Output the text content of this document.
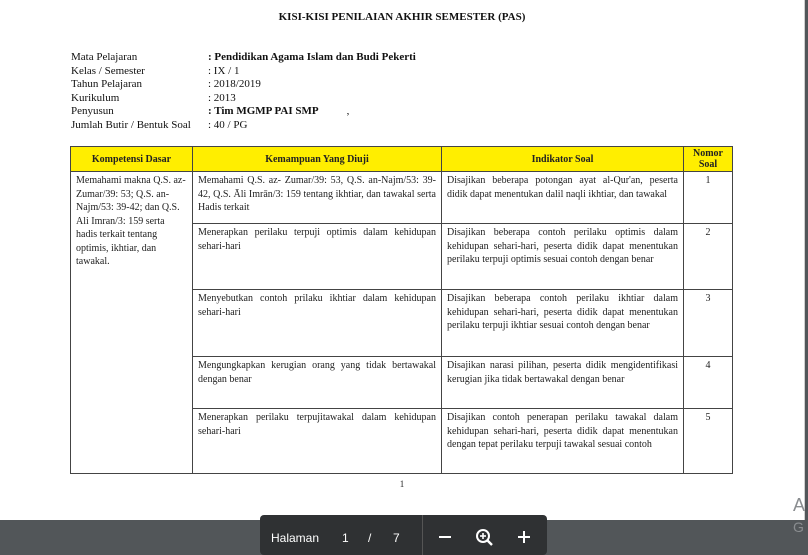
KISI-KISI PENILAIAN AKHIR SEMESTER (PAS)
Mata Pelajaran	: Pendidikan Agama Islam dan Budi Pekerti
Kelas / Semester	: IX / 1
Tahun Pelajaran	: 2018/2019
Kurikulum	: 2013
Penyusun	: Tim MGMP PAI SMP	,
Jumlah Butir / Bentuk Soal	: 40 / PG
Kompetensi Dasar	Kemampuan Yang Diuji	Indikator Soal	Nomor Soal
Memahami makna Q.S. az-Zumar/39: 53; Q.S. an-Najm/53: 39-42; dan Q.S. Ali Imran/3: 159 serta hadis terkait tentang optimis, ikhtiar, dan tawakal.	Memahami Q.S. az- Zumar/39: 53, Q.S. an-Najm/53: 39-42, Q.S. Āli Imrān/3: 159 tentang ikhtiar, dan tawakal serta Hadis terkait	Disajikan beberapa potongan ayat al-Qur'an, peserta didik dapat menentukan dalil naqli ikhtiar, dan tawakal	1
	Menerapkan perilaku terpuji optimis dalam kehidupan sehari-hari	Disajikan beberapa contoh perilaku optimis dalam kehidupan sehari-hari, peserta didik dapat menentukan perilaku terpuji optimis sesuai contoh dengan benar	2
	Menyebutkan contoh prilaku ikhtiar dalam kehidupan sehari-hari	Disajikan beberapa contoh perilaku ikhtiar dalam kehidupan sehari-hari, peserta didik dapat menentukan perilaku terpuji ikhtiar sesuai contoh dengan benar	3
	Mengungkapkan kerugian orang yang tidak bertawakal dengan benar	Disajikan narasi pilihan, peserta didik mengidentifikasi kerugian jika tidak bertawakal dengan benar	4
	Menerapkan perilaku terpujitawakal dalam kehidupan sehari-hari	Disajikan contoh penerapan perilaku tawakal dalam kehidupan sehari-hari, peserta didik dapat menentukan dengan tepat perilaku terpuji tawakal sesuai contoh	5
1
Halaman 1 / 7
A
G
